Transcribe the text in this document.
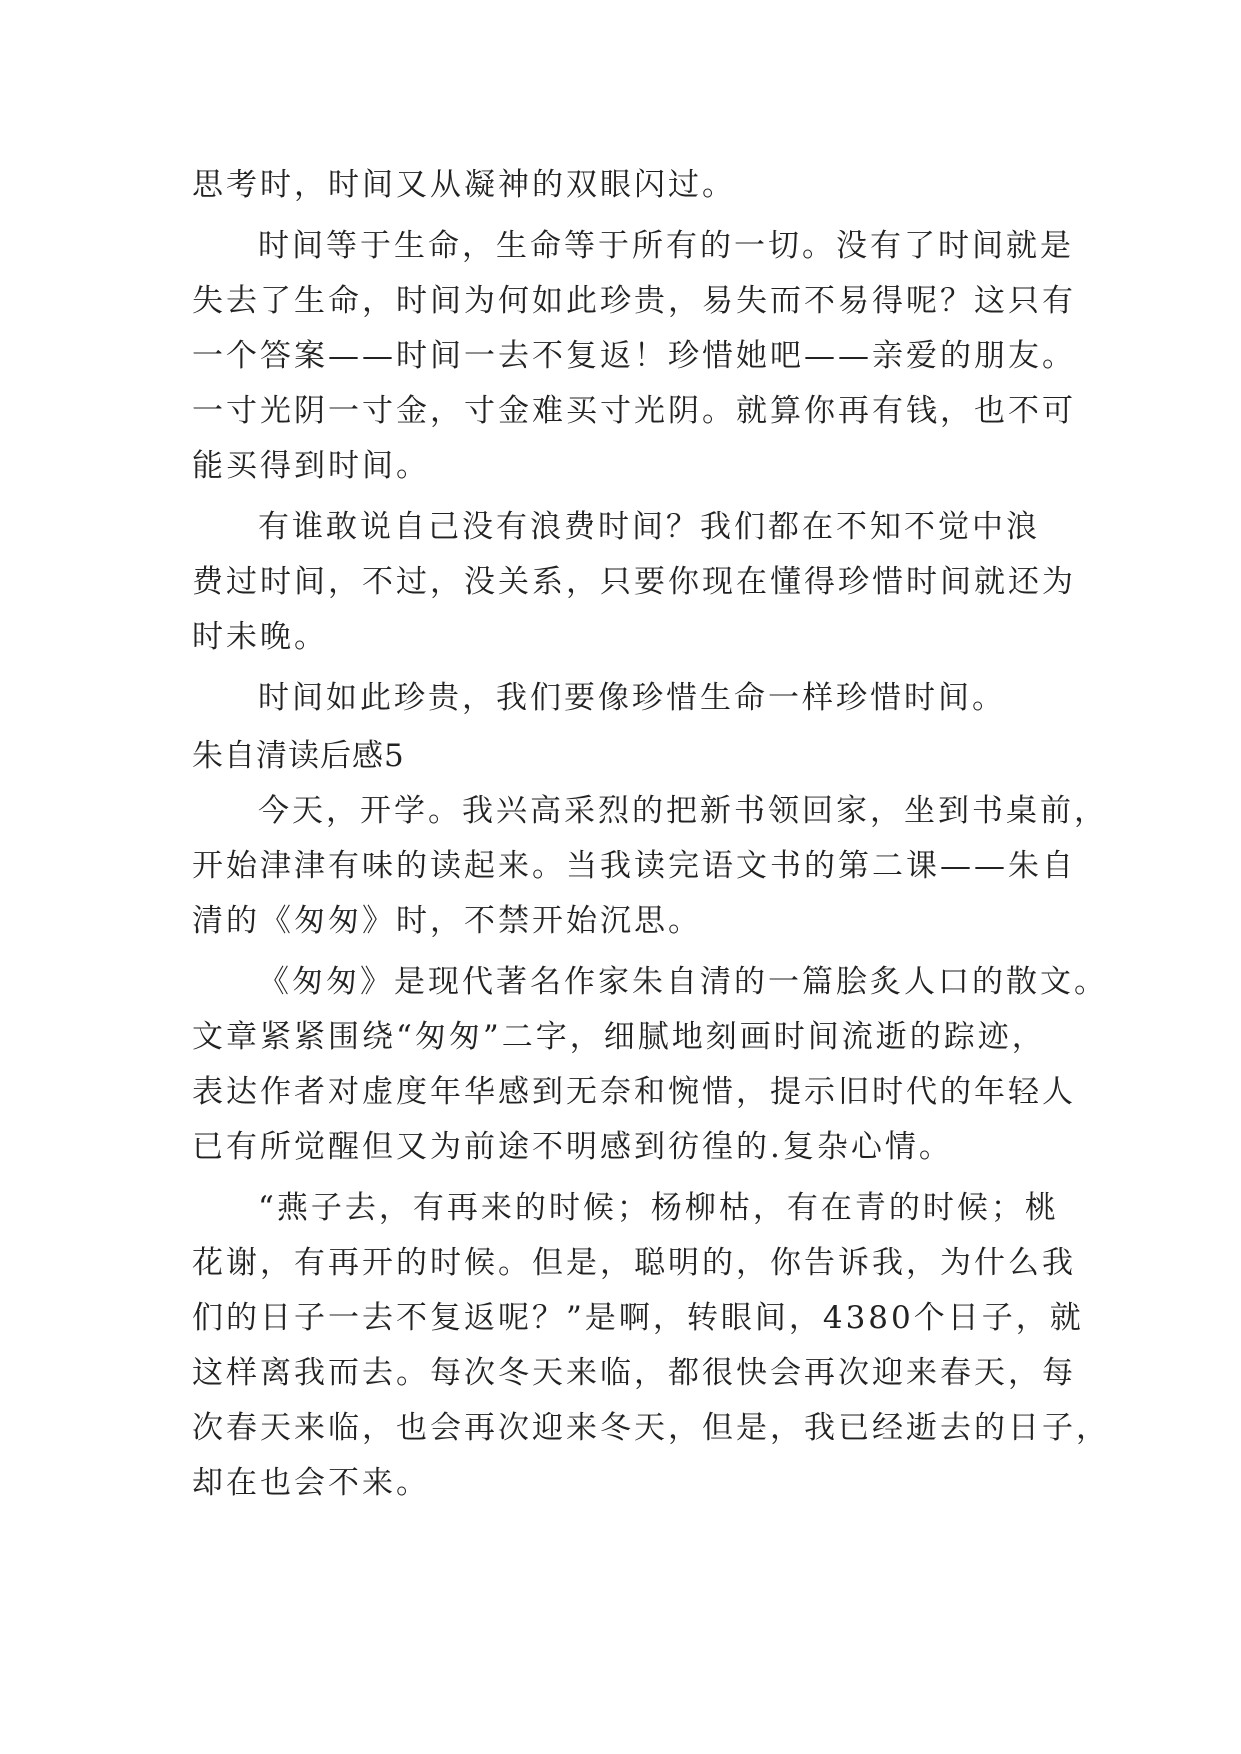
思考时，时间又从凝神的双眼闪过。
时间等于生命，生命等于所有的一切。没有了时间就是
失去了生命，时间为何如此珍贵，易失而不易得呢？这只有
一个答案——时间一去不复返！珍惜她吧——亲爱的朋友。
一寸光阴一寸金，寸金难买寸光阴。就算你再有钱，也不可
能买得到时间。
有谁敢说自己没有浪费时间？我们都在不知不觉中浪
费过时间，不过，没关系，只要你现在懂得珍惜时间就还为
时未晚。
时间如此珍贵，我们要像珍惜生命一样珍惜时间。
朱自清读后感5
今天，开学。我兴高采烈的把新书领回家，坐到书桌前，
开始津津有味的读起来。当我读完语文书的第二课——朱自
清的《匆匆》时，不禁开始沉思。
《匆匆》是现代著名作家朱自清的一篇脍炙人口的散文。
文章紧紧围绕“匆匆”二字，细腻地刻画时间流逝的踪迹，
表达作者对虚度年华感到无奈和惋惜，提示旧时代的年轻人
已有所觉醒但又为前途不明感到彷徨的.复杂心情。
“燕子去，有再来的时候；杨柳枯，有在青的时候；桃
花谢，有再开的时候。但是，聪明的，你告诉我，为什么我
们的日子一去不复返呢？”是啊，转眼间，4380个日子，就
这样离我而去。每次冬天来临，都很快会再次迎来春天，每
次春天来临，也会再次迎来冬天，但是，我已经逝去的日子，
却在也会不来。
